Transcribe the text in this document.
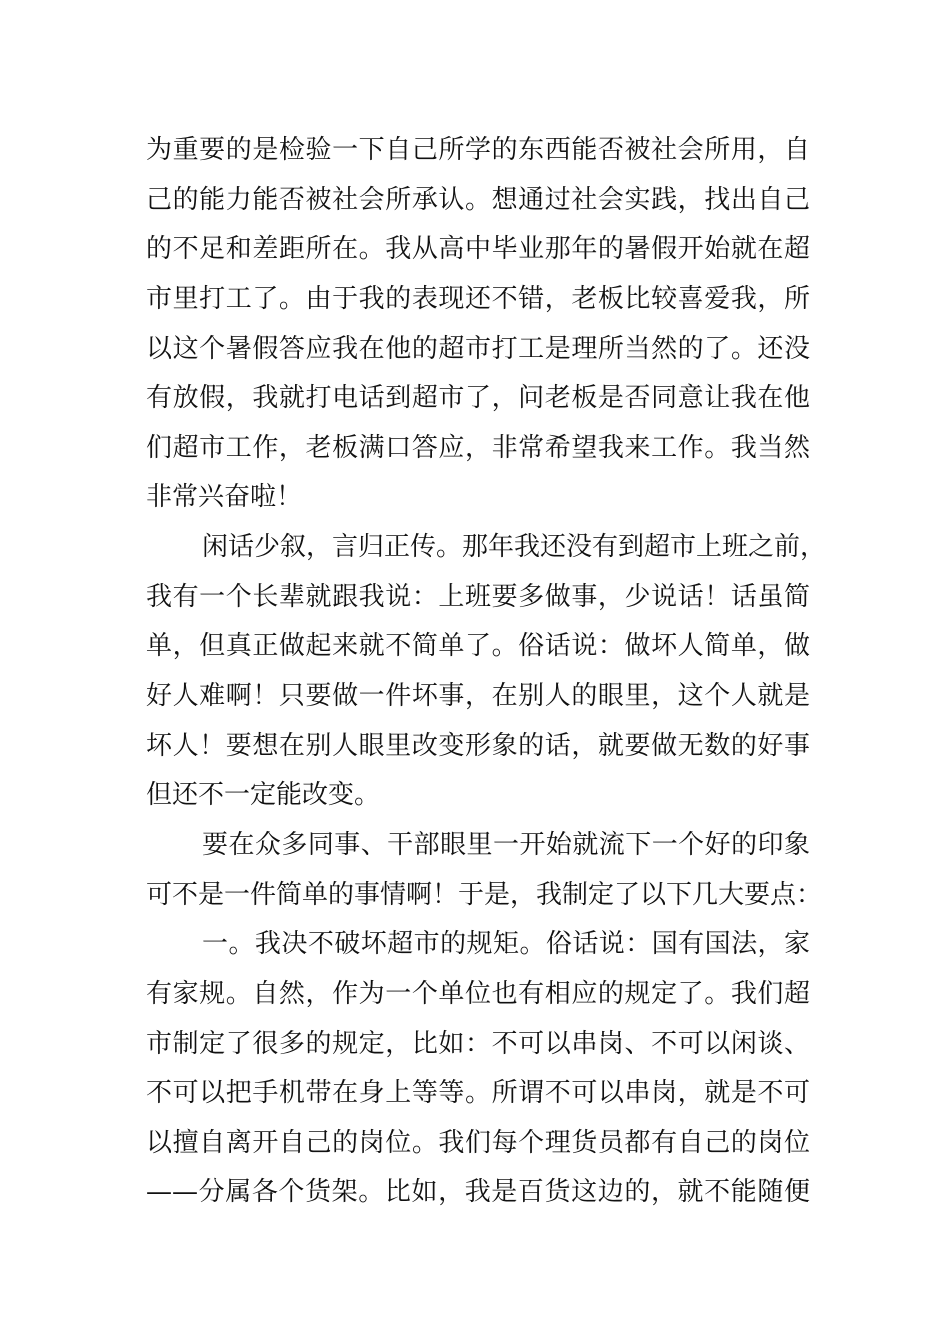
为重要的是检验一下自己所学的东西能否被社会所用，自
己的能力能否被社会所承认。想通过社会实践，找出自己
的不足和差距所在。我从高中毕业那年的暑假开始就在超
市里打工了。由于我的表现还不错，老板比较喜爱我，所
以这个暑假答应我在他的超市打工是理所当然的了。还没
有放假，我就打电话到超市了，问老板是否同意让我在他
们超市工作，老板满口答应，非常希望我来工作。我当然
非常兴奋啦！
闲话少叙，言归正传。那年我还没有到超市上班之前，
我有一个长辈就跟我说：上班要多做事，少说话！话虽简
单，但真正做起来就不简单了。俗话说：做坏人简单，做
好人难啊！只要做一件坏事，在别人的眼里，这个人就是
坏人！要想在别人眼里改变形象的话，就要做无数的好事
但还不一定能改变。
要在众多同事、干部眼里一开始就流下一个好的印象
可不是一件简单的事情啊！于是，我制定了以下几大要点：
一。我决不破坏超市的规矩。俗话说：国有国法，家
有家规。自然，作为一个单位也有相应的规定了。我们超
市制定了很多的规定，比如：不可以串岗、不可以闲谈、
不可以把手机带在身上等等。所谓不可以串岗，就是不可
以擅自离开自己的岗位。我们每个理货员都有自己的岗位
——分属各个货架。比如，我是百货这边的，就不能随便
